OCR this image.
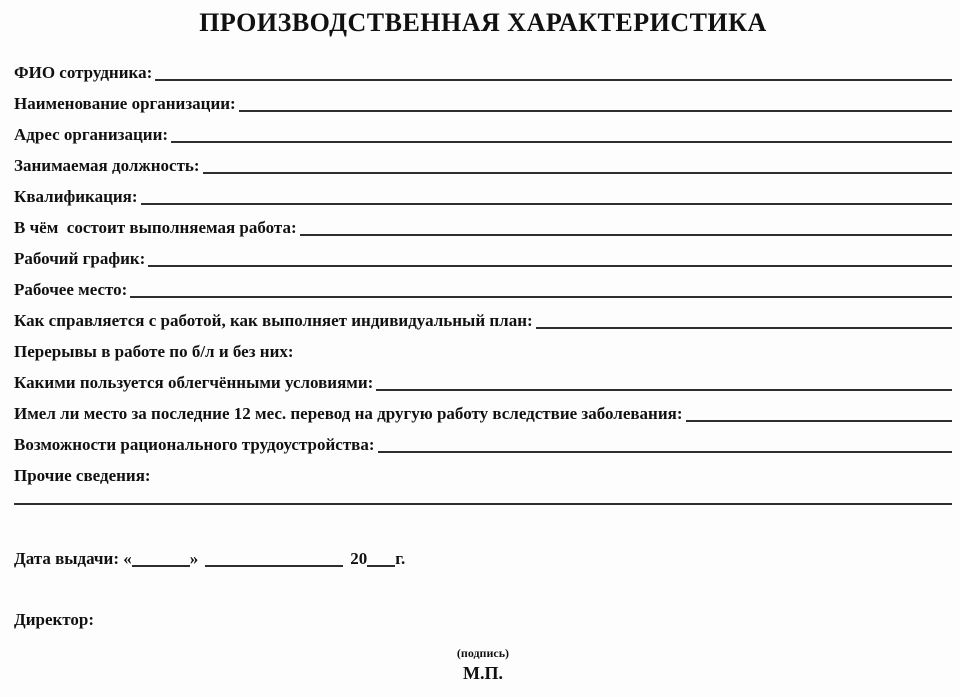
ПРОИЗВОДСТВЕННАЯ ХАРАКТЕРИСТИКА
ФИО сотрудника:
Наименование организации:
Адрес организации:
Занимаемая должность:
Квалификация:
В чём  состоит выполняемая работа:
Рабочий график:
Рабочее место:
Как справляется с работой, как выполняет индивидуальный план:
Перерывы в работе по б/л и без них:
Какими пользуется облегчёнными условиями:
Имел ли место за последние 12 мес. перевод на другую работу вследствие заболевания:
Возможности рационального трудоустройства:
Прочие сведения:
Дата выдачи: «	»	20 г.
Директор:
(подпись)
М.П.
